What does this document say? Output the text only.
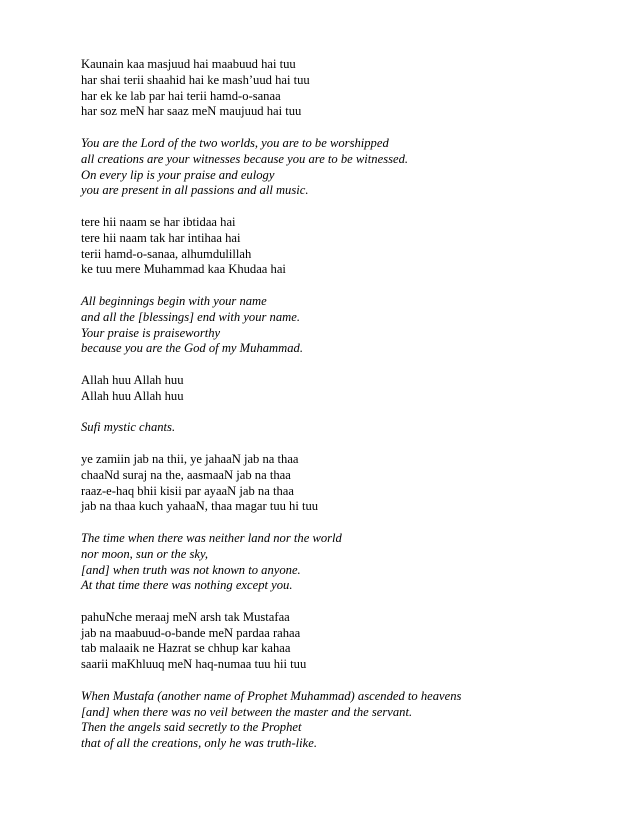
Kaunain kaa masjuud hai maabuud hai tuu
har shai terii shaahid hai ke mash’uud hai tuu
har ek ke lab par hai terii hamd-o-sanaa
har soz meN har saaz meN maujuud hai tuu
You are the Lord of the two worlds, you are to be worshipped
all creations are your witnesses because you are to be witnessed.
On every lip is your praise and eulogy
you are present in all passions and all music.
tere hii naam se har ibtidaa hai
tere hii naam tak har intihaa hai
terii hamd-o-sanaa, alhumdulillah
ke tuu mere Muhammad kaa Khudaa hai
All beginnings begin with your name
and all the [blessings] end with your name.
Your praise is praiseworthy
because you are the God of my Muhammad.
Allah huu Allah huu
Allah huu Allah huu
Sufi mystic chants.
ye zamiin jab na thii, ye jahaaN jab na thaa
chaaNd suraj na the, aasmaaN jab na thaa
raaz-e-haq bhii kisii par ayaaN jab na thaa
jab na thaa kuch yahaaN, thaa magar tuu hi tuu
The time when there was neither land nor the world
nor moon, sun or the sky,
[and] when truth was not known to anyone.
At that time there was nothing except you.
pahuNche meraaj meN arsh tak Mustafaa
jab na maabuud-o-bande meN pardaa rahaa
tab malaaik ne Hazrat se chhup kar kahaa
saarii maKhluuq meN haq-numaa tuu hii tuu
When Mustafa (another name of Prophet Muhammad) ascended to heavens
[and] when there was no veil between the master and the servant.
Then the angels said secretly to the Prophet
that of all the creations, only he was truth-like.
